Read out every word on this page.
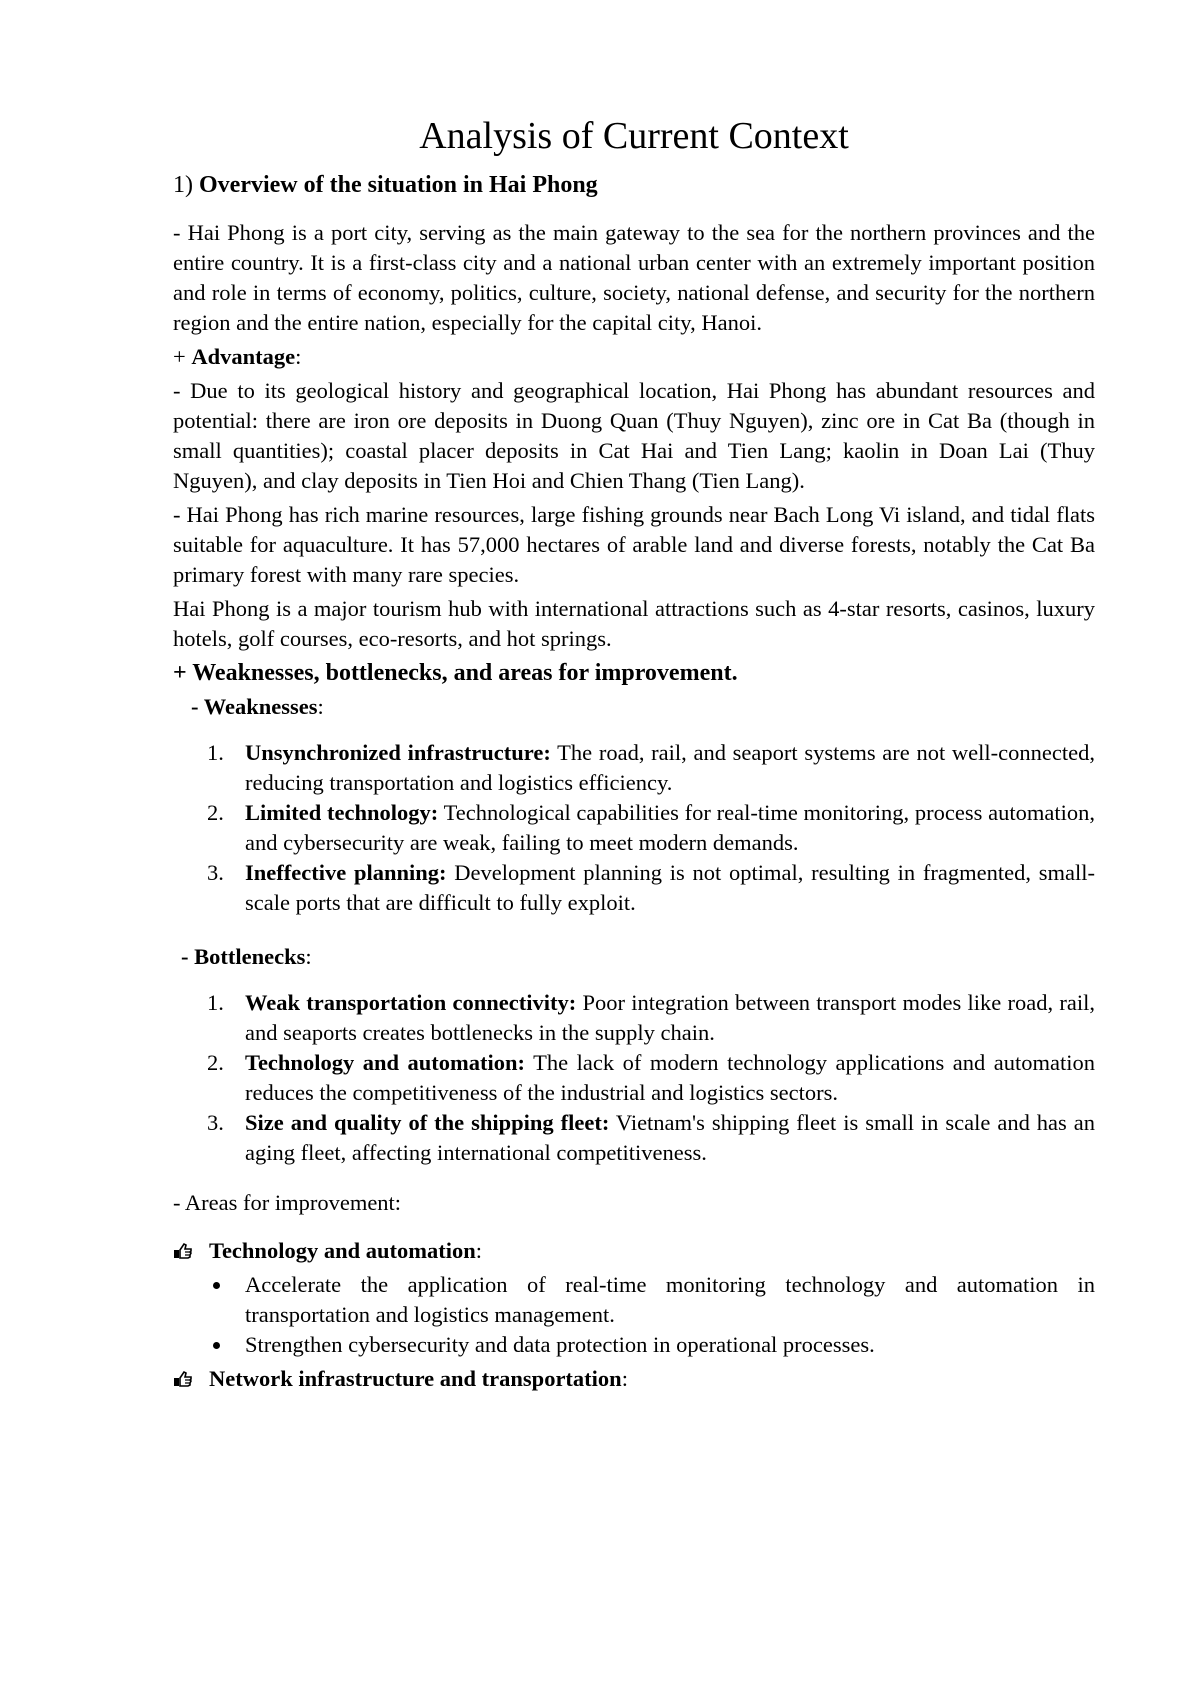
Analysis of Current Context
1) Overview of the situation in Hai Phong

- Hai Phong is a port city, serving as the main gateway to the sea for the northern provinces and the entire country. It is a first-class city and a national urban center with an extremely important position and role in terms of economy, politics, culture, society, national defense, and security for the northern region and the entire nation, especially for the capital city, Hanoi.

+ Advantage:

- Due to its geological history and geographical location, Hai Phong has abundant resources and potential: there are iron ore deposits in Duong Quan (Thuy Nguyen), zinc ore in Cat Ba (though in small quantities); coastal placer deposits in Cat Hai and Tien Lang; kaolin in Doan Lai (Thuy Nguyen), and clay deposits in Tien Hoi and Chien Thang (Tien Lang).

- Hai Phong has rich marine resources, large fishing grounds near Bach Long Vi island, and tidal flats suitable for aquaculture. It has 57,000 hectares of arable land and diverse forests, notably the Cat Ba primary forest with many rare species.

Hai Phong is a major tourism hub with international attractions such as 4-star resorts, casinos, luxury hotels, golf courses, eco-resorts, and hot springs.

+ Weaknesses, bottlenecks, and areas for improvement.

- Weaknesses:

1. Unsynchronized infrastructure: The road, rail, and seaport systems are not well-connected, reducing transportation and logistics efficiency.
2. Limited technology: Technological capabilities for real-time monitoring, process automation, and cybersecurity are weak, failing to meet modern demands.
3. Ineffective planning: Development planning is not optimal, resulting in fragmented, small-scale ports that are difficult to fully exploit.

- Bottlenecks:

1. Weak transportation connectivity: Poor integration between transport modes like road, rail, and seaports creates bottlenecks in the supply chain.
2. Technology and automation: The lack of modern technology applications and automation reduces the competitiveness of the industrial and logistics sectors.
3. Size and quality of the shipping fleet: Vietnam's shipping fleet is small in scale and has an aging fleet, affecting international competitiveness.

- Areas for improvement:

Technology and automation:
Accelerate the application of real-time monitoring technology and automation in transportation and logistics management.
Strengthen cybersecurity and data protection in operational processes.
Network infrastructure and transportation:
